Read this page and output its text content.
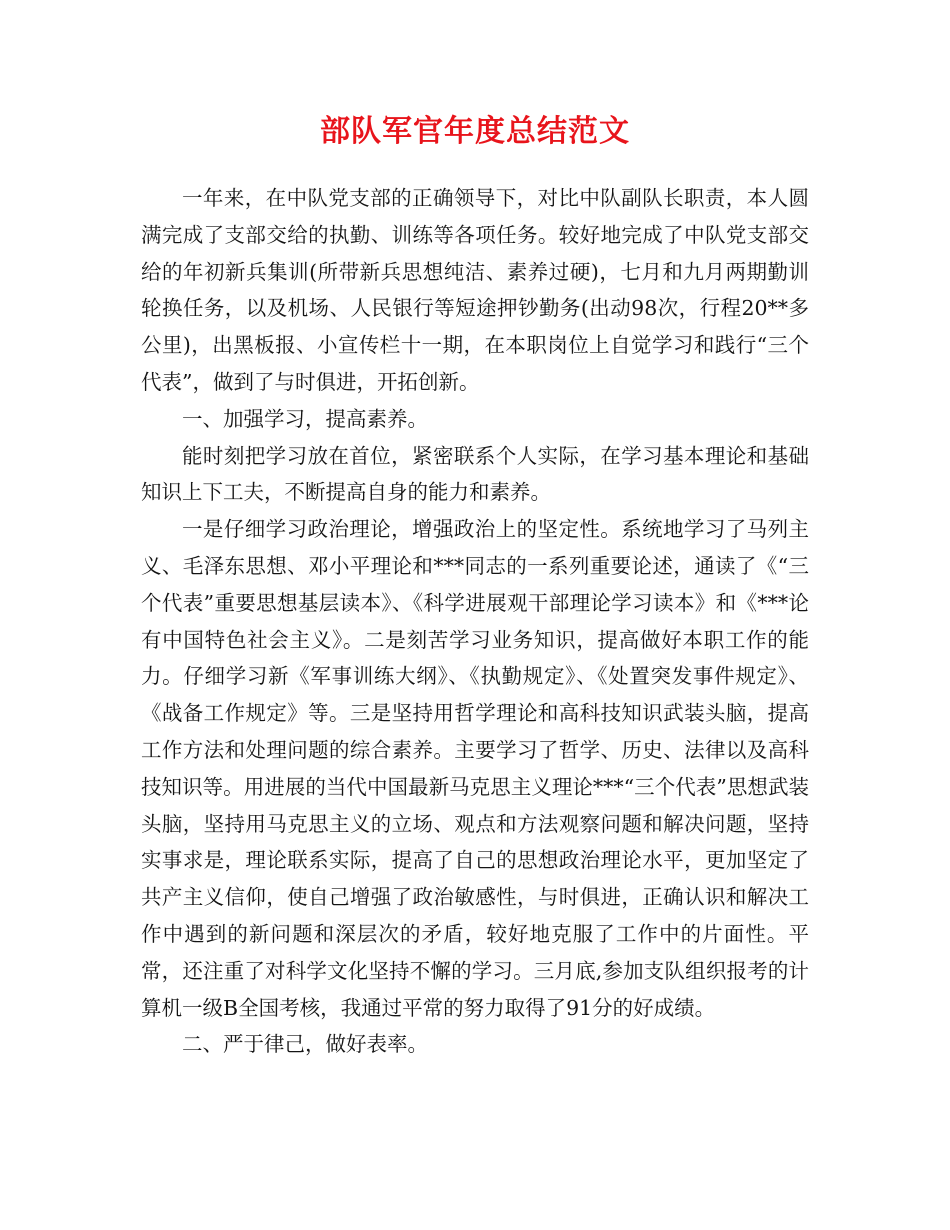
部队军官年度总结范文

一年来，在中队党支部的正确领导下，对比中队副队长职责，本人圆满完成了支部交给的执勤、训练等各项任务。较好地完成了中队党支部交给的年初新兵集训(所带新兵思想纯洁、素养过硬)，七月和九月两期勤训轮换任务，以及机场、人民银行等短途押钞勤务(出动98次，行程20**多公里)，出黑板报、小宣传栏十一期，在本职岗位上自觉学习和践行“三个代表”，做到了与时俱进，开拓创新。

一、加强学习，提高素养。

能时刻把学习放在首位，紧密联系个人实际，在学习基本理论和基础知识上下工夫，不断提高自身的能力和素养。

一是仔细学习政治理论，增强政治上的坚定性。系统地学习了马列主义、毛泽东思想、邓小平理论和***同志的一系列重要论述，通读了《“三个代表”重要思想基层读本》、《科学进展观干部理论学习读本》和《***论有中国特色社会主义》。二是刻苦学习业务知识，提高做好本职工作的能力。仔细学习新《军事训练大纲》、《执勤规定》、《处置突发事件规定》、《战备工作规定》等。三是坚持用哲学理论和高科技知识武装头脑，提高工作方法和处理问题的综合素养。主要学习了哲学、历史、法律以及高科技知识等。用进展的当代中国最新马克思主义理论***“三个代表”思想武装头脑，坚持用马克思主义的立场、观点和方法观察问题和解决问题，坚持实事求是，理论联系实际，提高了自己的思想政治理论水平，更加坚定了共产主义信仰，使自己增强了政治敏感性，与时俱进，正确认识和解决工作中遇到的新问题和深层次的矛盾，较好地克服了工作中的片面性。平常，还注重了对科学文化坚持不懈的学习。三月底,参加支队组织报考的计算机一级B全国考核，我通过平常的努力取得了91分的好成绩。

二、严于律己，做好表率。
